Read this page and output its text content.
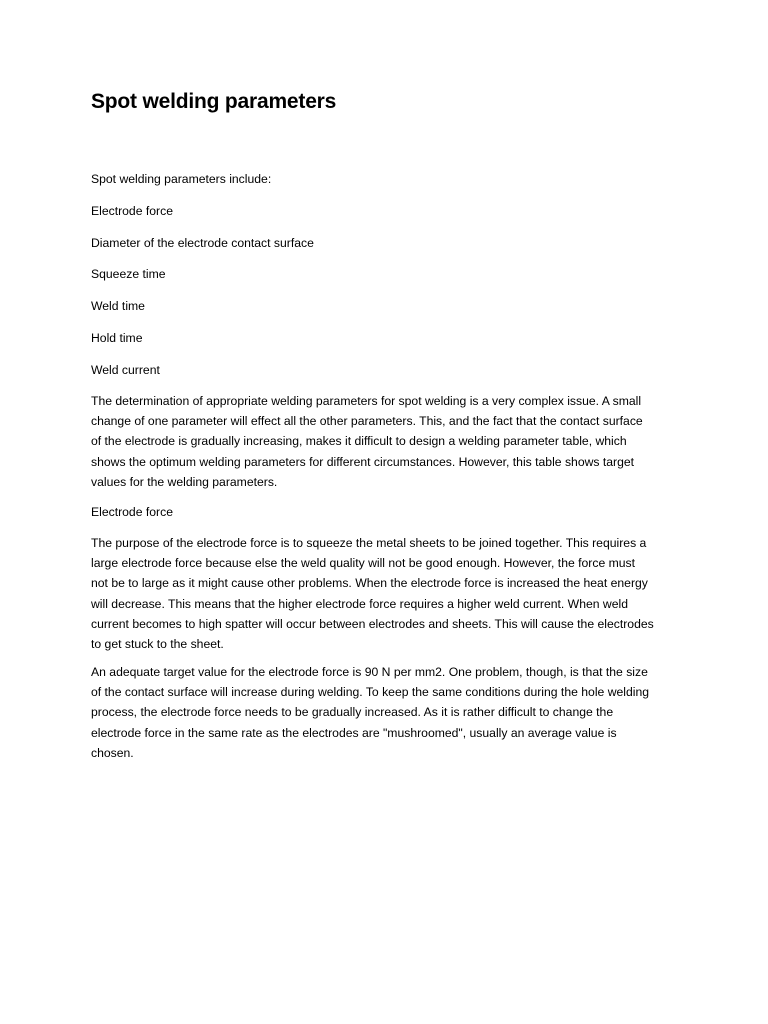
Spot welding parameters

Spot welding parameters include:

Electrode force

Diameter of the electrode contact surface

Squeeze time

Weld time

Hold time

Weld current

The determination of appropriate welding parameters for spot welding is a very complex issue. A small
change of one parameter will effect all the other parameters. This, and the fact that the contact surface
of the electrode is gradually increasing, makes it difficult to design a welding parameter table, which
shows the optimum welding parameters for different circumstances. However, this table shows target
values for the welding parameters.

Electrode force

The purpose of the electrode force is to squeeze the metal sheets to be joined together. This requires a
large electrode force because else the weld quality will not be good enough. However, the force must
not be to large as it might cause other problems. When the electrode force is increased the heat energy
will decrease. This means that the higher electrode force requires a higher weld current. When weld
current becomes to high spatter will occur between electrodes and sheets. This will cause the electrodes
to get stuck to the sheet.
An adequate target value for the electrode force is 90 N per mm2. One problem, though, is that the size
of the contact surface will increase during welding. To keep the same conditions during the hole welding
process, the electrode force needs to be gradually increased. As it is rather difficult to change the
electrode force in the same rate as the electrodes are "mushroomed", usually an average value is
chosen.
